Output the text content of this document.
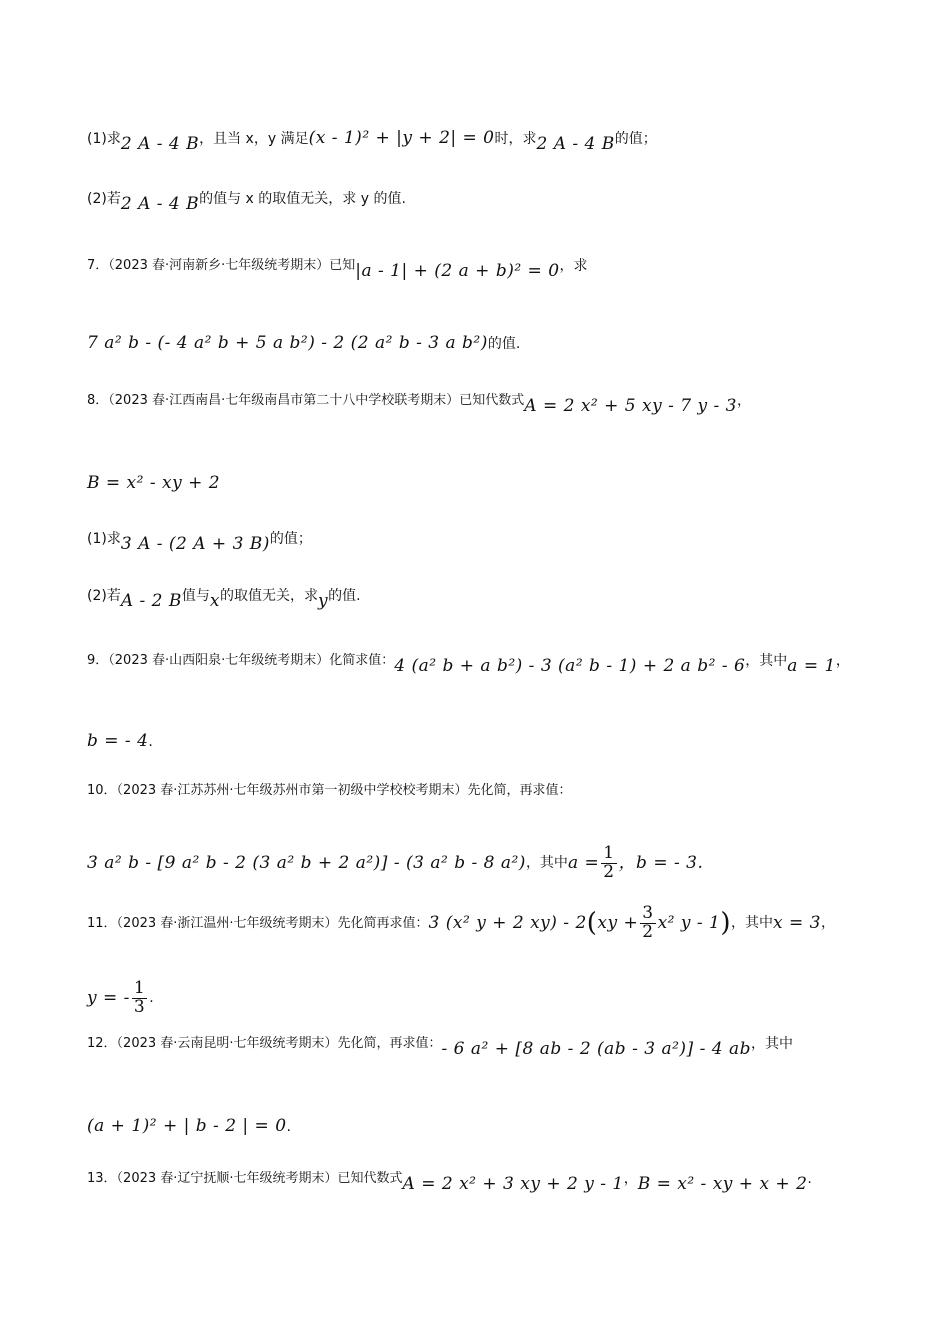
(1)求 2 A - 4 B ，且当 x，y 满足 (x - 1)² + |y + 2| = 0 时，求 2 A - 4 B 的值；
(2)若 2 A - 4 B 的值与 x 的取值无关，求 y 的值.
7．（2023 春·河南新乡·七年级统考期末）已知 |a - 1| + (2 a + b)² = 0 ，求
7 a² b - (- 4 a² b + 5 a b²) - 2 (2 a² b - 3 a b²) 的值.
8．（2023 春·江西南昌·七年级南昌市第二十八中学校联考期末）已知代数式 A = 2 x² + 5 xy - 7 y - 3 ，
B = x² - xy + 2
(1)求 3 A - (2 A + 3 B) 的值；
(2)若 A - 2 B 值与 x 的取值无关，求 y 的值.
9．（2023 春·山西阳泉·七年级统考期末）化简求值： 4 (a² b + a b²) - 3 (a² b - 1) + 2 a b² - 6 ，其中 a = 1 ，
b = - 4 .
10．（2023 春·江苏苏州·七年级苏州市第一初级中学校校考期末）先化简，再求值：
3 a² b - [9 a² b - 2 (3 a² b + 2 a²)] - (3 a² b - 8 a²) ，其中 $a = \frac{1}{2}$ ，b = - 3.
11．（2023 春·浙江温州·七年级统考期末）先化简再求值： 3 (x² y + 2 xy) - 2 ( xy + $\frac{3}{2} x^2$ y - 1 ) ，其中 x = 3 ，
y = - $\frac{1}{3}$ .
12．（2023 春·云南昆明·七年级统考期末）先化简，再求值： - 6 a² + [8 ab - 2 (ab - 3 a²)] - 4 ab ，其中
(a + 1)² + | b - 2 | = 0 .
13．（2023 春·辽宁抚顺·七年级统考期末）已知代数式 A = 2 x² + 3 xy + 2 y - 1 ， B = x² - xy + x + 2 .
